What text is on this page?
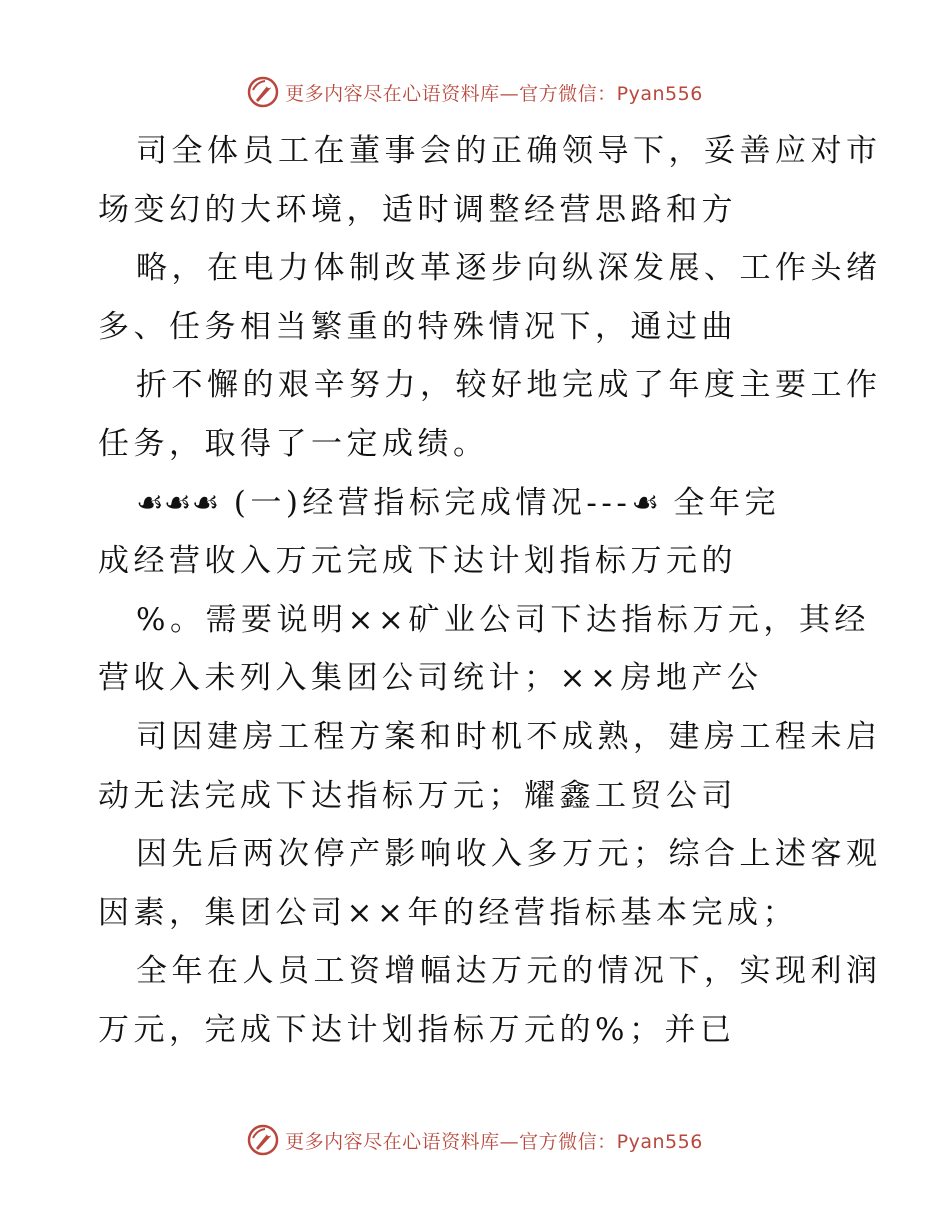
更多内容尽在心语资料库—官方微信：Pyan556
司全体员工在董事会的正确领导下，妥善应对市
场变幻的大环境，适时调整经营思路和方
略，在电力体制改革逐步向纵深发展、工作头绪
多、任务相当繁重的特殊情况下，通过曲
折不懈的艰辛努力，较好地完成了年度主要工作
任务，取得了一定成绩。
☙☙☙ (一)经营指标完成情况---☙ 全年完
成经营收入万元完成下达计划指标万元的
%。需要说明××矿业公司下达指标万元，其经
营收入未列入集团公司统计；××房地产公
司因建房工程方案和时机不成熟，建房工程未启
动无法完成下达指标万元；耀鑫工贸公司
因先后两次停产影响收入多万元；综合上述客观
因素，集团公司××年的经营指标基本完成；
全年在人员工资增幅达万元的情况下，实现利润
万元，完成下达计划指标万元的%；并已
更多内容尽在心语资料库—官方微信：Pyan556
